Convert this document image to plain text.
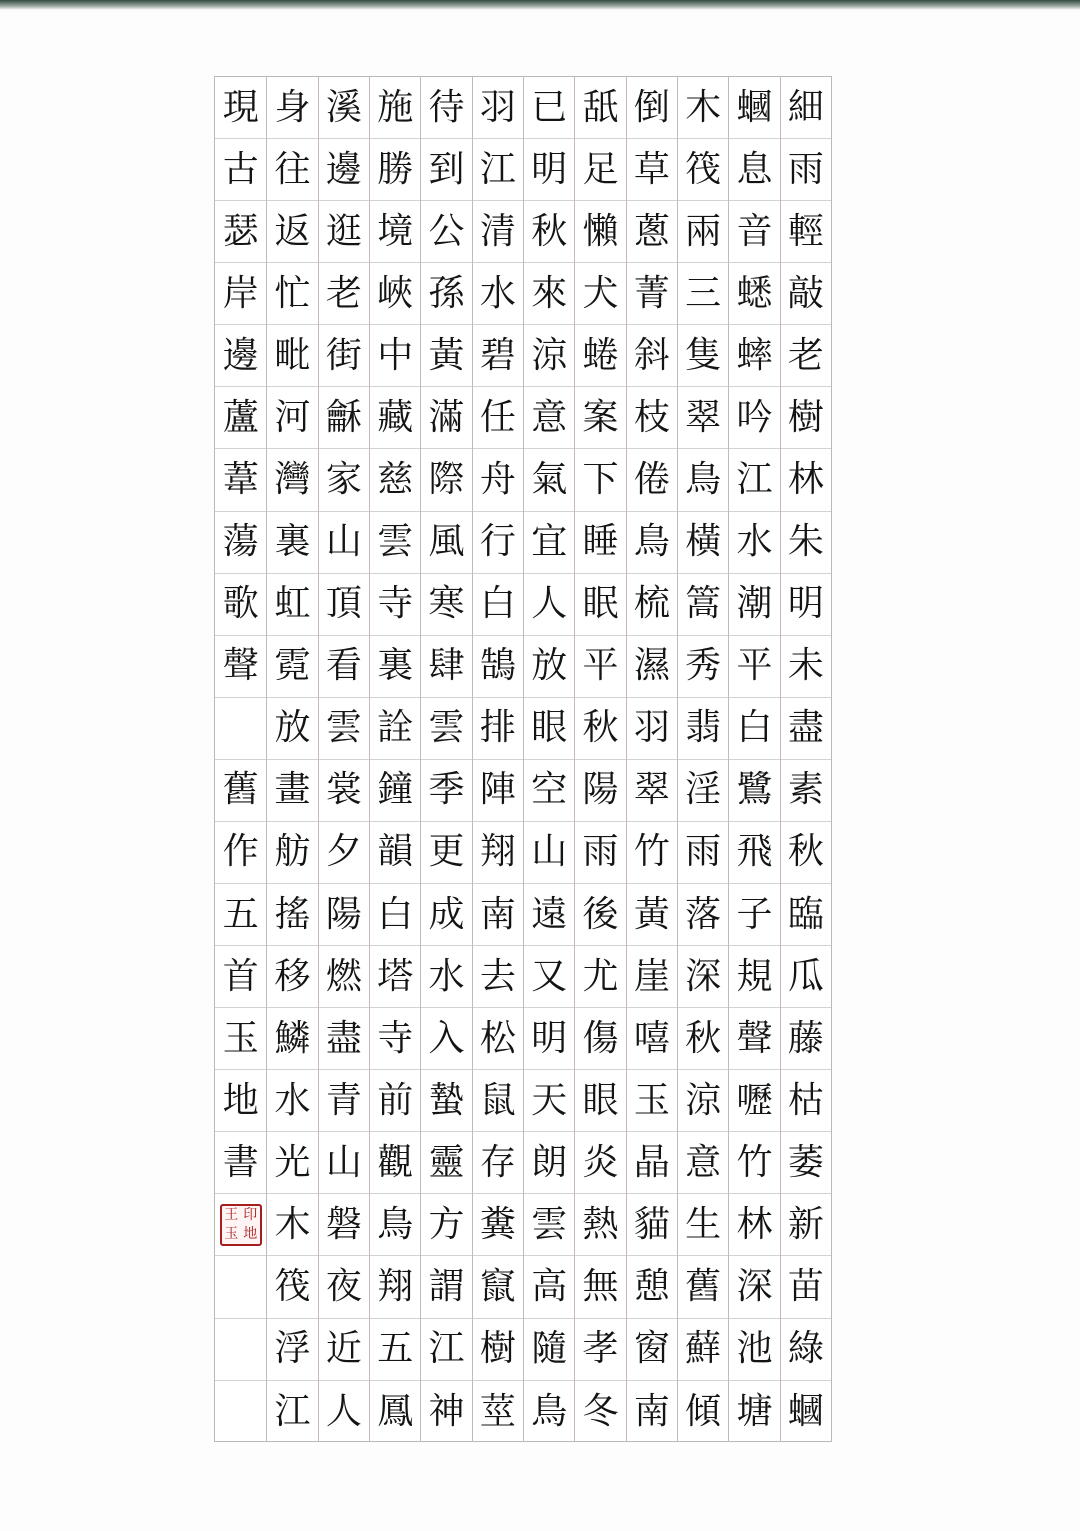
細
雨
輕
敲
老
樹
林
朱
明
未
盡
素
秋
臨
瓜
藤
枯
萎
新
苗
綠
蟈
蟈
息
音
蟋
蟀
吟
江
水
潮
平
白
鷺
飛
子
規
聲
嚦
竹
林
深
池
塘
木
筏
兩
三
隻
翠
鳥
橫
篙
秀
翡
淫
雨
落
深
秋
涼
意
生
舊
蘚
傾
倒
草
蔥
菁
斜
枝
倦
鳥
梳
濕
羽
翠
竹
黃
崖
嘻
玉
晶
貓
憩
窗
南
舐
足
懶
犬
蜷
案
下
睡
眠
平
秋
陽
雨
後
尤
傷
眼
炎
熱
無
孝
冬
已
明
秋
來
涼
意
氣
宜
人
放
眼
空
山
遠
又
明
天
朗
雲
高
隨
鳥
羽
江
清
水
碧
任
舟
行
白
鵠
排
陣
翔
南
去
松
鼠
存
糞
竄
樹
莖
待
到
公
孫
黃
滿
際
風
寒
肆
雲
季
更
成
水
入
蟄
靈
方
謂
江
神
施
勝
境
峽
中
藏
慈
雲
寺
裏
詮
鐘
韻
白
塔
寺
前
觀
鳥
翔
五
鳳
溪
邊
逛
老
街
龢
家
山
頂
看
雲
裳
夕
陽
燃
盡
青
山
磐
夜
近
人
身
往
返
忙
毗
河
灣
裏
虹
霓
放
畫
舫
搖
移
鱗
水
光
木
筏
浮
江
現
古
瑟
岸
邊
蘆
葦
蕩
歌
聲
舊
作
五
首
玉
地
書
王 印
玉 地
